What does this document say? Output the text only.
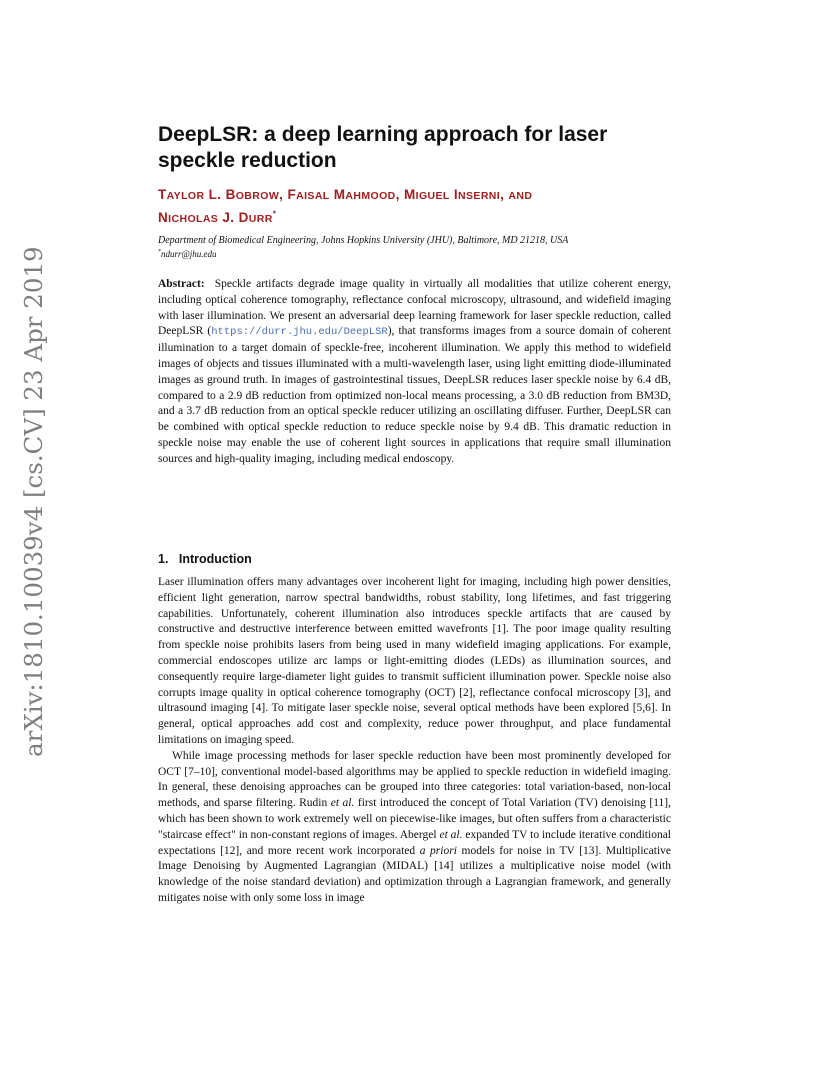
arXiv:1810.10039v4 [cs.CV] 23 Apr 2019
DeepLSR: a deep learning approach for laser speckle reduction
TAYLOR L. BOBROW, FAISAL MAHMOOD, MIGUEL INSERNI, AND
NICHOLAS J. DURR*
Department of Biomedical Engineering, Johns Hopkins University (JHU), Baltimore, MD 21218, USA
*ndurr@jhu.edu
Abstract: Speckle artifacts degrade image quality in virtually all modalities that utilize coherent energy, including optical coherence tomography, reflectance confocal microscopy, ultrasound, and widefield imaging with laser illumination. We present an adversarial deep learning framework for laser speckle reduction, called DeepLSR (https://durr.jhu.edu/DeepLSR), that transforms images from a source domain of coherent illumination to a target domain of speckle-free, incoherent illumination. We apply this method to widefield images of objects and tissues illuminated with a multi-wavelength laser, using light emitting diode-illuminated images as ground truth. In images of gastrointestinal tissues, DeepLSR reduces laser speckle noise by 6.4 dB, compared to a 2.9 dB reduction from optimized non-local means processing, a 3.0 dB reduction from BM3D, and a 3.7 dB reduction from an optical speckle reducer utilizing an oscillating diffuser. Further, DeepLSR can be combined with optical speckle reduction to reduce speckle noise by 9.4 dB. This dramatic reduction in speckle noise may enable the use of coherent light sources in applications that require small illumination sources and high-quality imaging, including medical endoscopy.
1. Introduction

Laser illumination offers many advantages over incoherent light for imaging, including high power densities, efficient light generation, narrow spectral bandwidths, robust stability, long lifetimes, and fast triggering capabilities. Unfortunately, coherent illumination also introduces speckle artifacts that are caused by constructive and destructive interference between emitted wavefronts [1]. The poor image quality resulting from speckle noise prohibits lasers from being used in many widefield imaging applications. For example, commercial endoscopes utilize arc lamps or light-emitting diodes (LEDs) as illumination sources, and consequently require large-diameter light guides to transmit sufficient illumination power. Speckle noise also corrupts image quality in optical coherence tomography (OCT) [2], reflectance confocal microscopy [3], and ultrasound imaging [4]. To mitigate laser speckle noise, several optical methods have been explored [5,6]. In general, optical approaches add cost and complexity, reduce power throughput, and place fundamental limitations on imaging speed.

While image processing methods for laser speckle reduction have been most prominently developed for OCT [7–10], conventional model-based algorithms may be applied to speckle reduction in widefield imaging. In general, these denoising approaches can be grouped into three categories: total variation-based, non-local methods, and sparse filtering. Rudin et al. first introduced the concept of Total Variation (TV) denoising [11], which has been shown to work extremely well on piecewise-like images, but often suffers from a characteristic "staircase effect" in non-constant regions of images. Abergel et al. expanded TV to include iterative conditional expectations [12], and more recent work incorporated a priori models for noise in TV [13]. Multiplicative Image Denoising by Augmented Lagrangian (MIDAL) [14] utilizes a multiplicative noise model (with knowledge of the noise standard deviation) and optimization through a Lagrangian framework, and generally mitigates noise with only some loss in image
